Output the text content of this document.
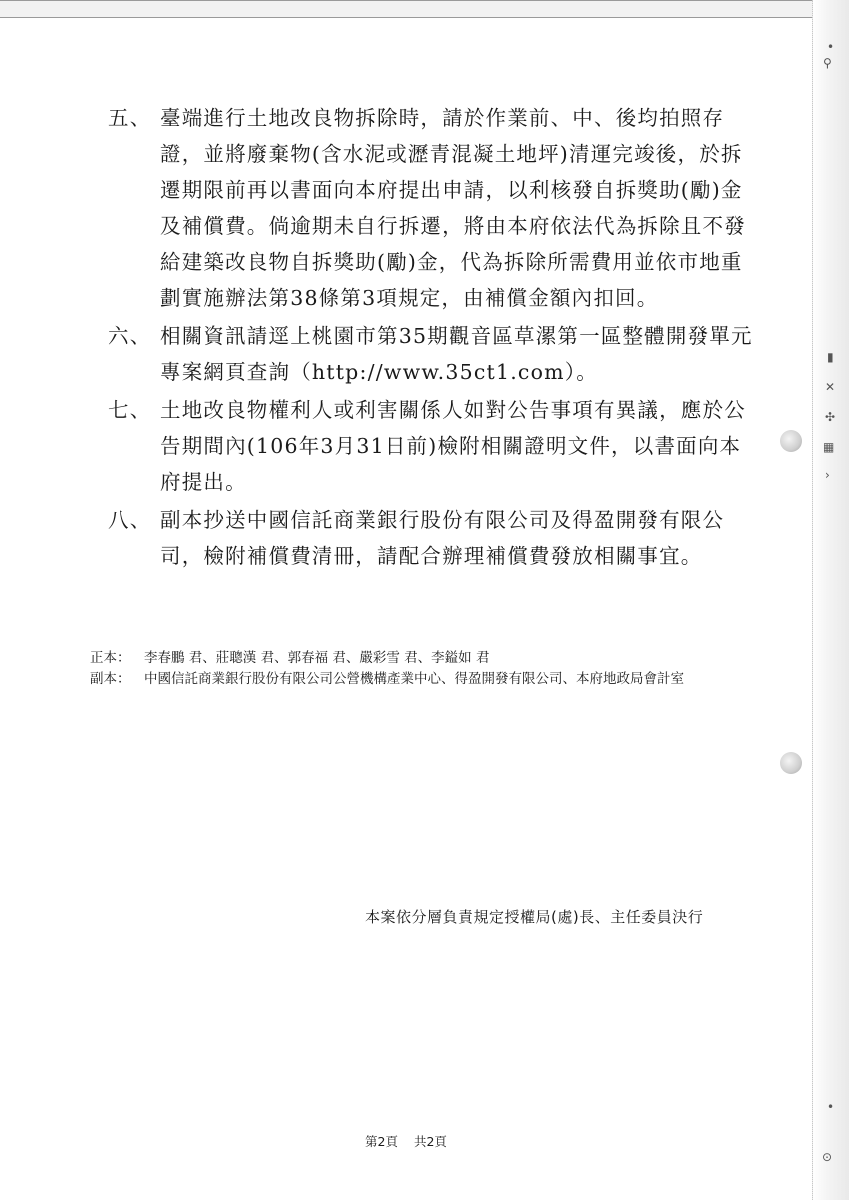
•
⚲
▮
✕
✣
▦
›
•
⊙
五、 臺端進行土地改良物拆除時，請於作業前、中、後均拍照存證，並將廢棄物(含水泥或瀝青混凝土地坪)清運完竣後，於拆遷期限前再以書面向本府提出申請，以利核發自拆獎助(勵)金及補償費。倘逾期未自行拆遷，將由本府依法代為拆除且不發給建築改良物自拆獎助(勵)金，代為拆除所需費用並依市地重劃實施辦法第38條第3項規定，由補償金額內扣回。
六、 相關資訊請逕上桃園市第35期觀音區草漯第一區整體開發單元專案網頁查詢（http://www.35ct1.com）。
七、 土地改良物權利人或利害關係人如對公告事項有異議，應於公告期間內(106年3月31日前)檢附相關證明文件，以書面向本府提出。
八、 副本抄送中國信託商業銀行股份有限公司及得盈開發有限公司，檢附補償費清冊，請配合辦理補償費發放相關事宜。
正本： 李春鵬 君、莊聰漢 君、郭春福 君、嚴彩雪 君、李鎰如 君
副本： 中國信託商業銀行股份有限公司公營機構產業中心、得盈開發有限公司、本府地政局會計室
本案依分層負責規定授權局(處)長、主任委員決行
第2頁 共2頁
